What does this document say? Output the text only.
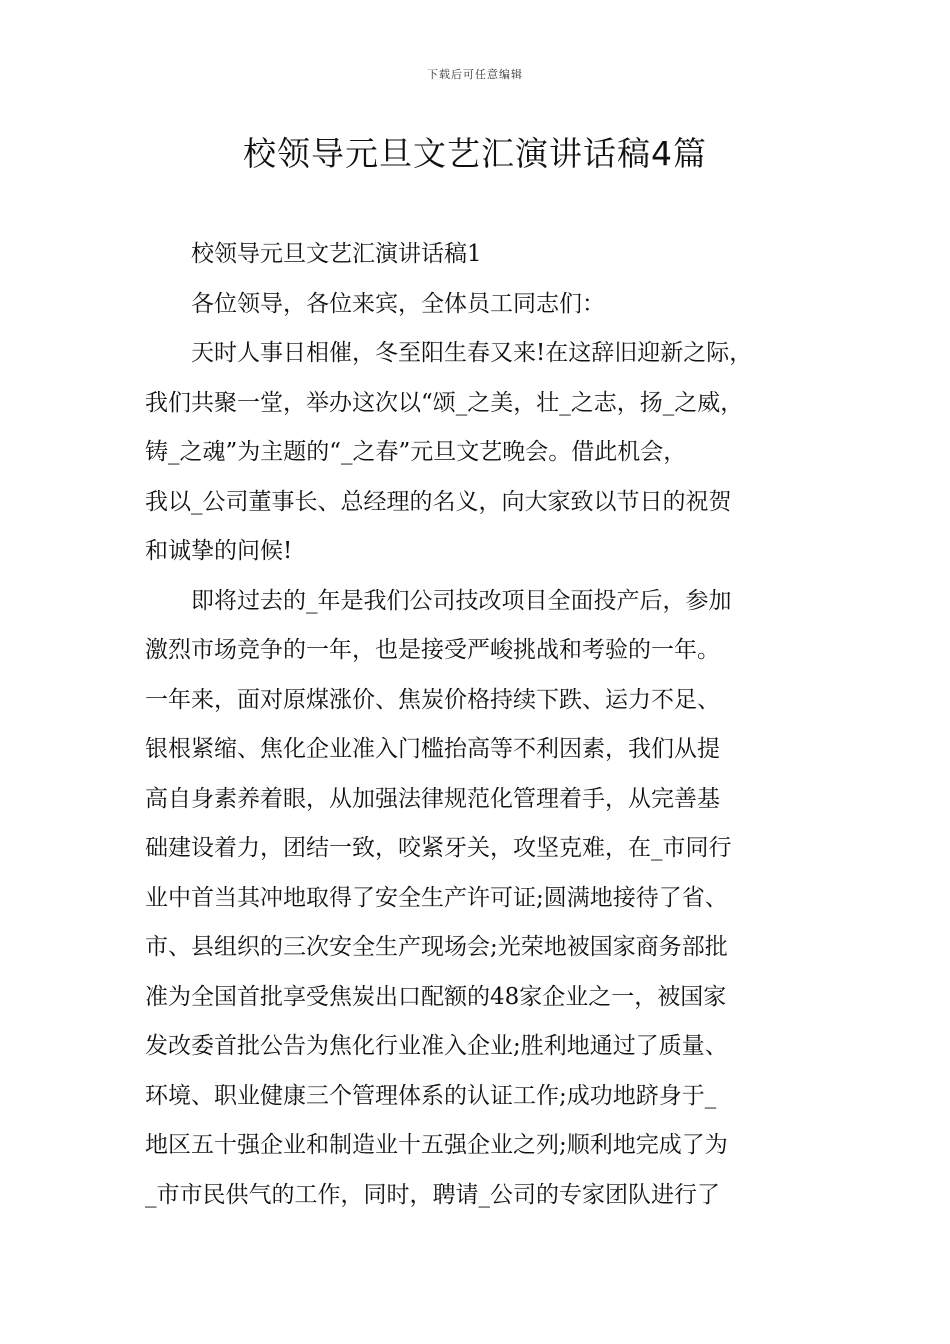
下载后可任意编辑
校领导元旦文艺汇演讲话稿4篇

校领导元旦文艺汇演讲话稿1

各位领导，各位来宾，全体员工同志们：

天时人事日相催，冬至阳生春又来!在这辞旧迎新之际，
我们共聚一堂，举办这次以“颂_之美，壮_之志，扬_之威，
铸_之魂”为主题的“_之春”元旦文艺晚会。借此机会，
我以_公司董事长、总经理的名义，向大家致以节日的祝贺
和诚挚的问候!

即将过去的_年是我们公司技改项目全面投产后，参加
激烈市场竞争的一年，也是接受严峻挑战和考验的一年。
一年来，面对原煤涨价、焦炭价格持续下跌、运力不足、
银根紧缩、焦化企业准入门槛抬高等不利因素，我们从提
高自身素养着眼，从加强法律规范化管理着手，从完善基
础建设着力，团结一致，咬紧牙关，攻坚克难，在_市同行
业中首当其冲地取得了安全生产许可证;圆满地接待了省、
市、县组织的三次安全生产现场会;光荣地被国家商务部批
准为全国首批享受焦炭出口配额的48家企业之一，被国家
发改委首批公告为焦化行业准入企业;胜利地通过了质量、
环境、职业健康三个管理体系的认证工作;成功地跻身于_
地区五十强企业和制造业十五强企业之列;顺利地完成了为
_市市民供气的工作，同时，聘请_公司的专家团队进行了
